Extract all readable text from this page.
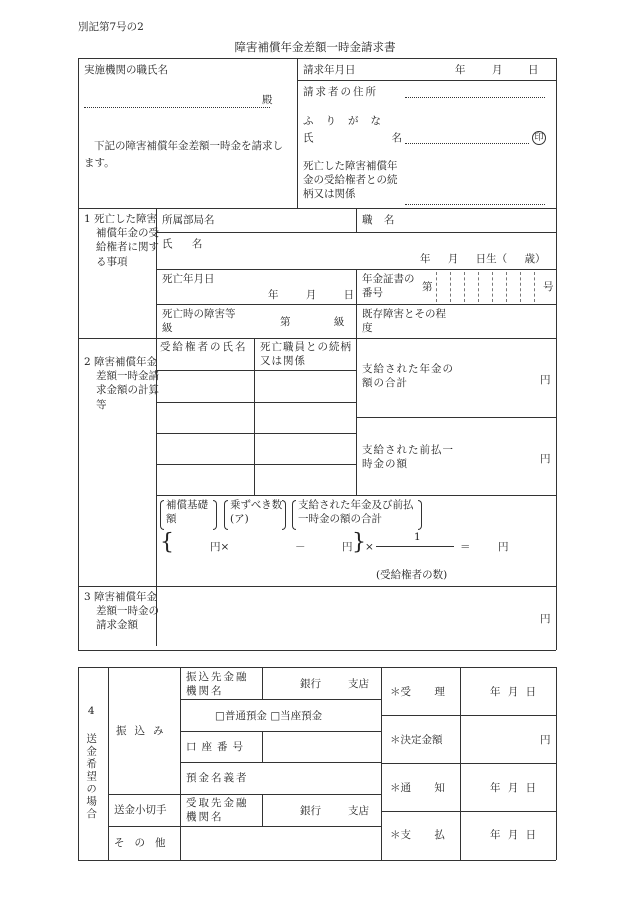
別記第7号の2
障害補償年金差額一時金請求書
実施機関の職氏名
殿
下記の障害補償年金差額一時金を請求します。
請求年月日	年	月 日
請求者の住所
ふりがな
氏名	印
死亡した障害補償年金の受給権者との続柄又は関係
1 死亡した障害補償年金の受給権者に関する事項
所属部局名	職 名
氏 名
年 月 日生（ 歳）
死亡年月日
年 月 日
年金証書の番号
第	号
死亡時の障害等級
第 級
既存障害とその程度
2 障害補償年金差額一時金請求金額の計算等
受給権者の氏名	死亡職員との続柄又は関係
支給された年金の額の合計	円
支給された前払一時金の額	円
補償基礎額
乗ずべき数(ア)
支給された年金及び前払一時金の額の合計
{	円×	－	円 } ×
1
＝	円
(受給権者の数)
3 障害補償年金差額一時金の請求金額
円
4 送金希望の場合 振込み
振込先金融機関名
銀行	支店
□普通預金 □当座預金
口座番号
預金名義者
送金小切手
受取先金融機関名
銀行	支店
その他
＊受 理	年 月 日
＊決定金額	円
＊通 知	年 月 日
＊支 払	年 月 日
